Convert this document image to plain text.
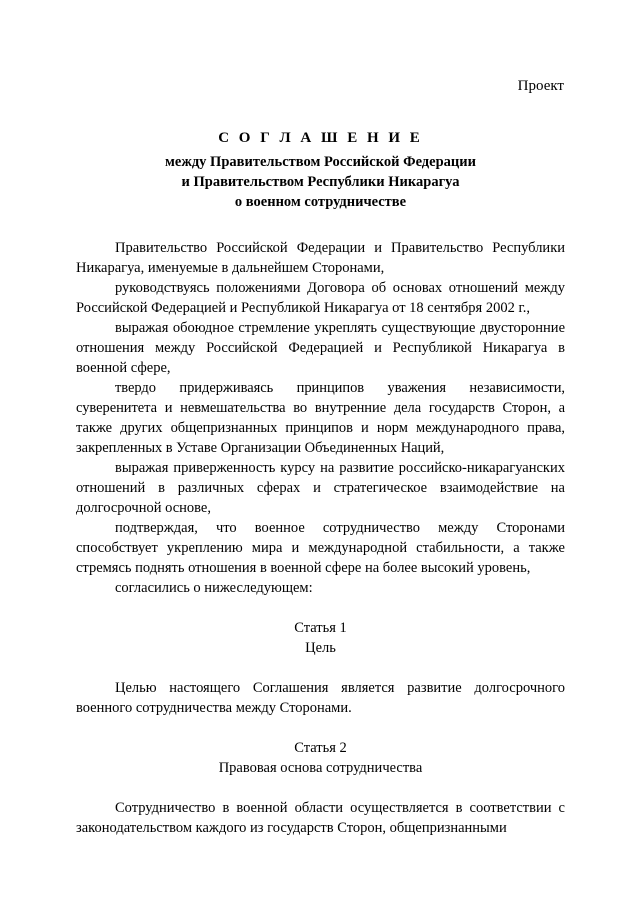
Проект
С О Г Л А Ш Е Н И Е
между Правительством Российской Федерации
и Правительством Республики Никарагуа
о военном сотрудничестве

Правительство Российской Федерации и Правительство Республики Никарагуа, именуемые в дальнейшем Сторонами,

руководствуясь положениями Договора об основах отношений между Российской Федерацией и Республикой Никарагуа от 18 сентября 2002 г.,

выражая обоюдное стремление укреплять существующие двусторонние отношения между Российской Федерацией и Республикой Никарагуа в военной сфере,

твердо придерживаясь принципов уважения независимости, суверенитета и невмешательства во внутренние дела государств Сторон, а также других общепризнанных принципов и норм международного права, закрепленных в Уставе Организации Объединенных Наций,

выражая приверженность курсу на развитие российско-никарагуанских отношений в различных сферах и стратегическое взаимодействие на долгосрочной основе,

подтверждая, что военное сотрудничество между Сторонами способствует укреплению мира и международной стабильности, а также стремясь поднять отношения в военной сфере на более высокий уровень,

согласились о нижеследующем:

Статья 1

Цель

Целью настоящего Соглашения является развитие долгосрочного военного сотрудничества между Сторонами.

Статья 2

Правовая основа сотрудничества

Сотрудничество в военной области осуществляется в соответствии с законодательством каждого из государств Сторон, общепризнанными
